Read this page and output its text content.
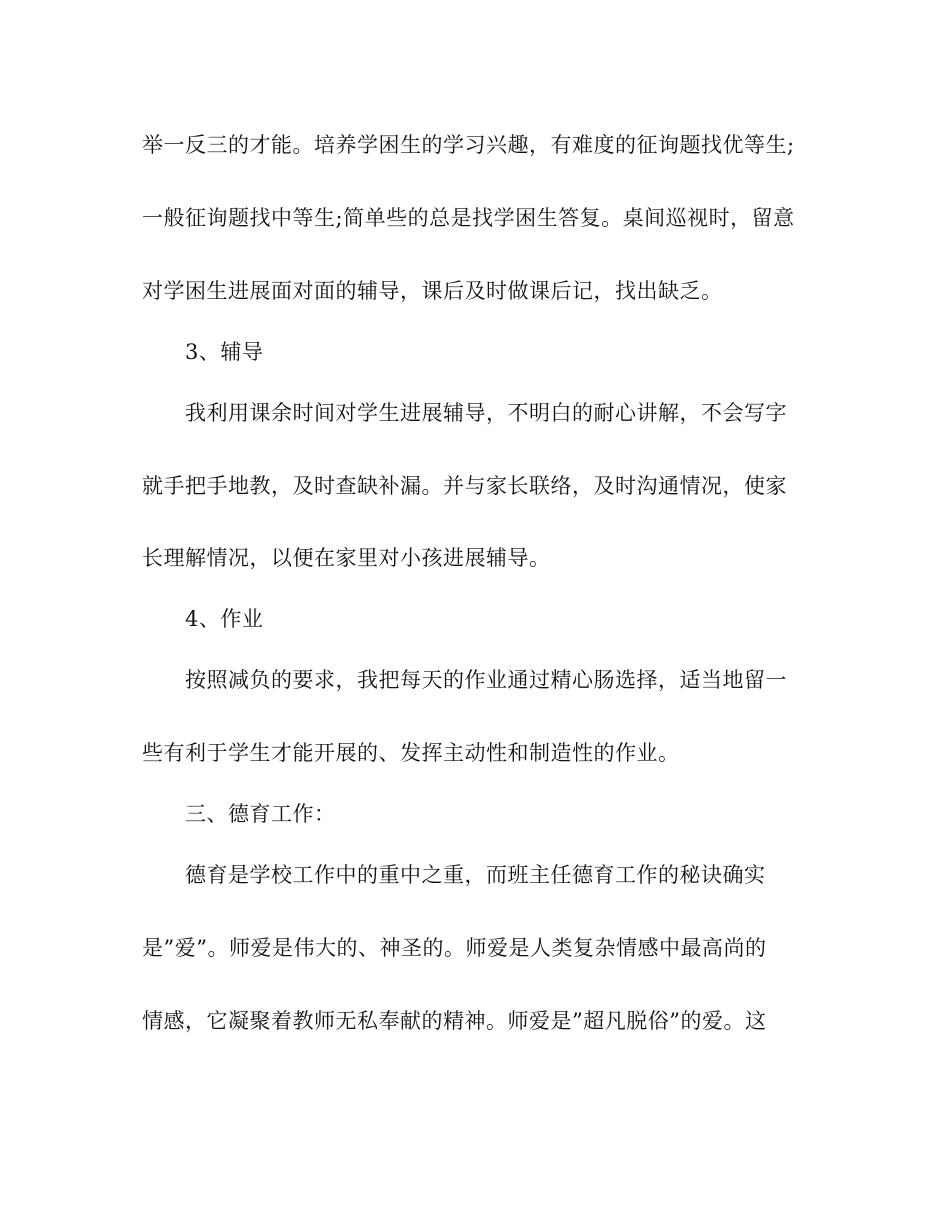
举一反三的才能。培养学困生的学习兴趣，有难度的征询题找优等生;
一般征询题找中等生;简单些的总是找学困生答复。桌间巡视时，留意
对学困生进展面对面的辅导，课后及时做课后记，找出缺乏。
3、辅导
我利用课余时间对学生进展辅导，不明白的耐心讲解，不会写字
就手把手地教，及时查缺补漏。并与家长联络，及时沟通情况，使家
长理解情况，以便在家里对小孩进展辅导。
4、作业
按照减负的要求，我把每天的作业通过精心肠选择，适当地留一
些有利于学生才能开展的、发挥主动性和制造性的作业。
三、德育工作：
德育是学校工作中的重中之重，而班主任德育工作的秘诀确实
是”爱”。师爱是伟大的、神圣的。师爱是人类复杂情感中最高尚的
情感，它凝聚着教师无私奉献的精神。师爱是”超凡脱俗”的爱。这
